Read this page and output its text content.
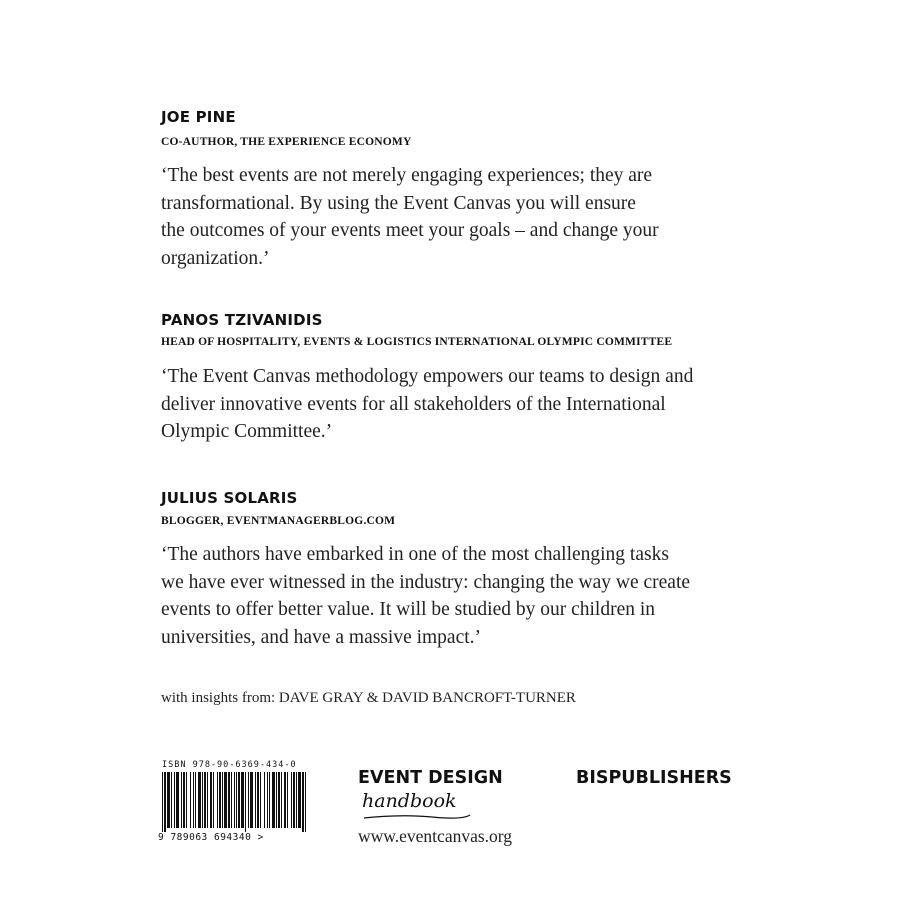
JOE PINE
CO-AUTHOR, THE EXPERIENCE ECONOMY
‘The best events are not merely engaging experiences; they are
transformational. By using the Event Canvas you will ensure
the outcomes of your events meet your goals – and change your
organization.’
PANOS TZIVANIDIS
HEAD OF HOSPITALITY, EVENTS & LOGISTICS INTERNATIONAL OLYMPIC COMMITTEE
‘The Event Canvas methodology empowers our teams to design and
deliver innovative events for all stakeholders of the International
Olympic Committee.’
JULIUS SOLARIS
BLOGGER, EVENTMANAGERBLOG.COM
‘The authors have embarked in one of the most challenging tasks
we have ever witnessed in the industry: changing the way we create
events to offer better value. It will be studied by our children in
universities, and have a massive impact.’
with insights from: DAVE GRAY & DAVID BANCROFT-TURNER
ISBN 978-90-6369-434-0
9 789063 694340 >
EVENT DESIGN
handbook
www.eventcanvas.org
BISPUBLISHERS
